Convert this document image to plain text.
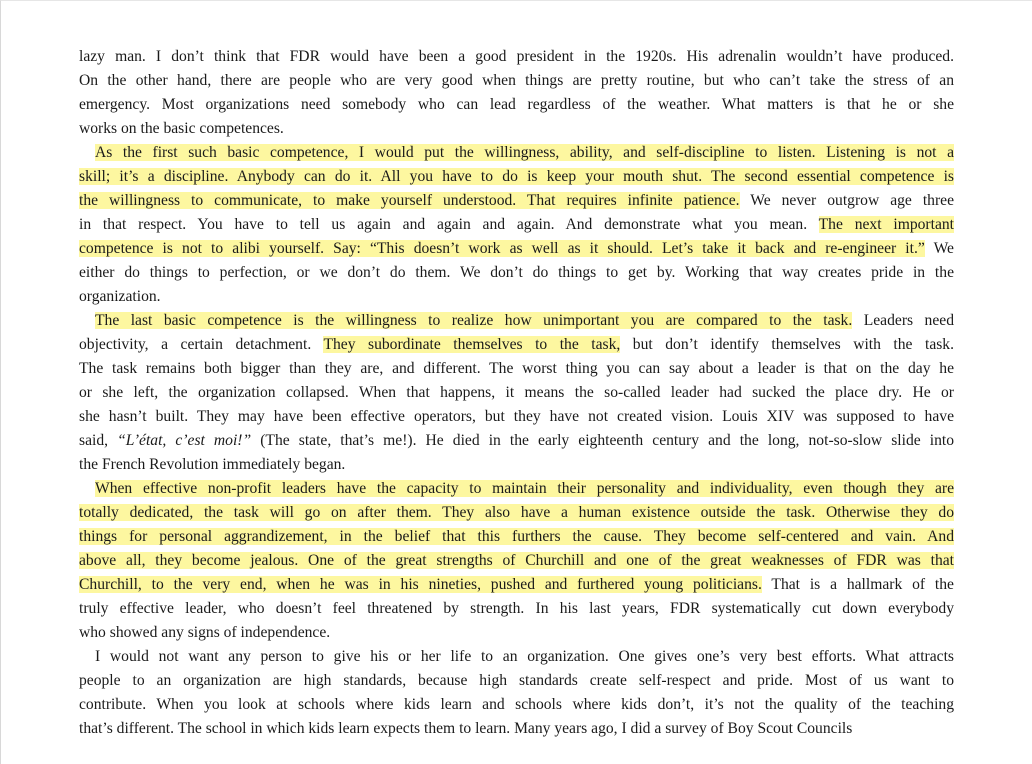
lazy man. I don’t think that FDR would have been a good president in the 1920s. His adrenalin wouldn’t have produced.
On the other hand, there are people who are very good when things are pretty routine, but who can’t take the stress of an
emergency. Most organizations need somebody who can lead regardless of the weather. What matters is that he or she
works on the basic competences.
As the first such basic competence, I would put the willingness, ability, and self-discipline to listen. Listening is not a
skill; it’s a discipline. Anybody can do it. All you have to do is keep your mouth shut. The second essential competence is
the willingness to communicate, to make yourself understood. That requires infinite patience. We never outgrow age three
in that respect. You have to tell us again and again and again. And demonstrate what you mean. The next important
competence is not to alibi yourself. Say: “This doesn’t work as well as it should. Let’s take it back and re-engineer it.” We
either do things to perfection, or we don’t do them. We don’t do things to get by. Working that way creates pride in the
organization.
The last basic competence is the willingness to realize how unimportant you are compared to the task. Leaders need
objectivity, a certain detachment. They subordinate themselves to the task, but don’t identify themselves with the task.
The task remains both bigger than they are, and different. The worst thing you can say about a leader is that on the day he
or she left, the organization collapsed. When that happens, it means the so-called leader had sucked the place dry. He or
she hasn’t built. They may have been effective operators, but they have not created vision. Louis XIV was supposed to have
said, “L’état, c’est moi!” (The state, that’s me!). He died in the early eighteenth century and the long, not-so-slow slide into
the French Revolution immediately began.
When effective non-profit leaders have the capacity to maintain their personality and individuality, even though they are
totally dedicated, the task will go on after them. They also have a human existence outside the task. Otherwise they do
things for personal aggrandizement, in the belief that this furthers the cause. They become self-centered and vain. And
above all, they become jealous. One of the great strengths of Churchill and one of the great weaknesses of FDR was that
Churchill, to the very end, when he was in his nineties, pushed and furthered young politicians. That is a hallmark of the
truly effective leader, who doesn’t feel threatened by strength. In his last years, FDR systematically cut down everybody
who showed any signs of independence.
I would not want any person to give his or her life to an organization. One gives one’s very best efforts. What attracts
people to an organization are high standards, because high standards create self-respect and pride. Most of us want to
contribute. When you look at schools where kids learn and schools where kids don’t, it’s not the quality of the teaching
that’s different. The school in which kids learn expects them to learn. Many years ago, I did a survey of Boy Scout Councils
